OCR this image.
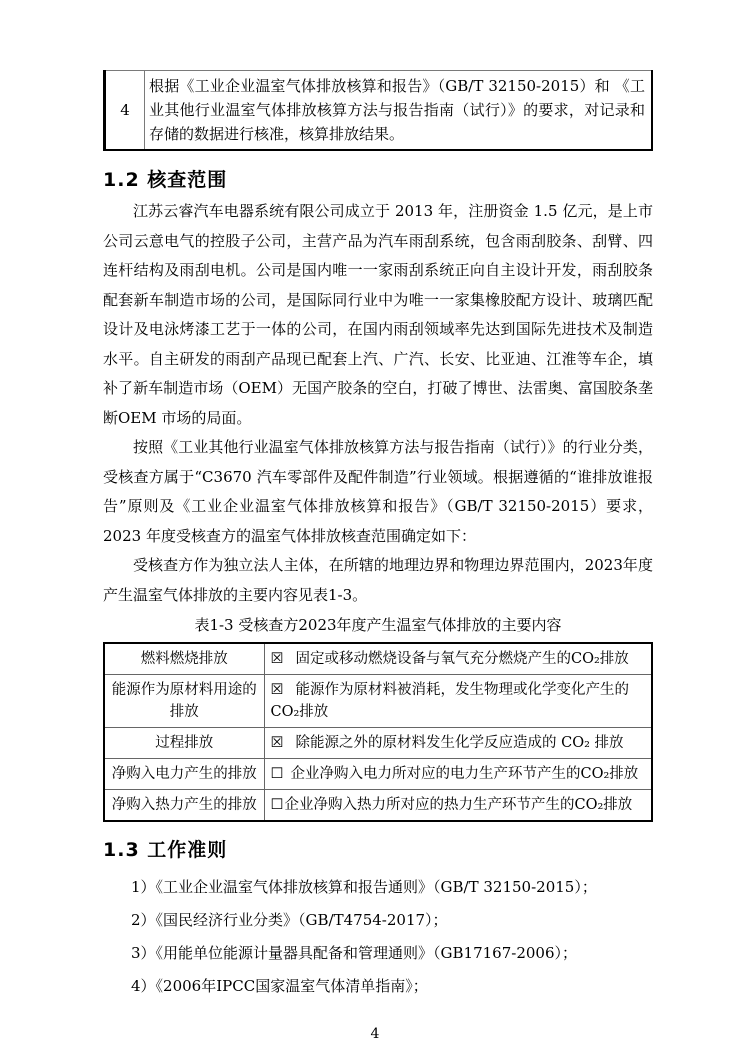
4	根据《工业企业温室气体排放核算和报告》（GB/T 32150-2015）和 《工业其他行业温室气体排放核算方法与报告指南（试行）》的要求，对记录和存储的数据进行核准，核算排放结果。
1.2 核查范围

江苏云睿汽车电器系统有限公司成立于 2013 年，注册资金 1.5 亿元，是上市公司云意电气的控股子公司，主营产品为汽车雨刮系统，包含雨刮胶条、刮臂、四连杆结构及雨刮电机。公司是国内唯一一家雨刮系统正向自主设计开发，雨刮胶条配套新车制造市场的公司，是国际同行业中为唯一一家集橡胶配方设计、玻璃匹配设计及电泳烤漆工艺于一体的公司，在国内雨刮领域率先达到国际先进技术及制造水平。自主研发的雨刮产品现已配套上汽、广汽、长安、比亚迪、江淮等车企，填补了新车制造市场（OEM）无国产胶条的空白，打破了博世、法雷奥、富国胶条垄断OEM 市场的局面。

按照《工业其他行业温室气体排放核算方法与报告指南（试行）》的行业分类，受核查方属于“C3670 汽车零部件及配件制造”行业领域。根据遵循的“谁排放谁报告”原则及《工业企业温室气体排放核算和报告》（GB/T 32150-2015）要求，2023 年度受核查方的温室气体排放核查范围确定如下：

受核查方作为独立法人主体，在所辖的地理边界和物理边界范围内，2023年度产生温室气体排放的主要内容见表1-3。

表1-3 受核查方2023年度产生温室气体排放的主要内容
燃料燃烧排放	☒ 固定或移动燃烧设备与氧气充分燃烧产生的CO₂排放
能源作为原材料用途的排放	☒ 能源作为原材料被消耗，发生物理或化学变化产生的CO₂排放
过程排放	☒ 除能源之外的原材料发生化学反应造成的 CO₂ 排放
净购入电力产生的排放	☐ 企业净购入电力所对应的电力生产环节产生的CO₂排放
净购入热力产生的排放	☐企业净购入热力所对应的热力生产环节产生的CO₂排放
1.3 工作准则
1）《工业企业温室气体排放核算和报告通则》（GB/T 32150-2015）；
2）《国民经济行业分类》（GB/T4754-2017）；
3）《用能单位能源计量器具配备和管理通则》（GB17167-2006）；
4）《2006年IPCC国家温室气体清单指南》；
4
